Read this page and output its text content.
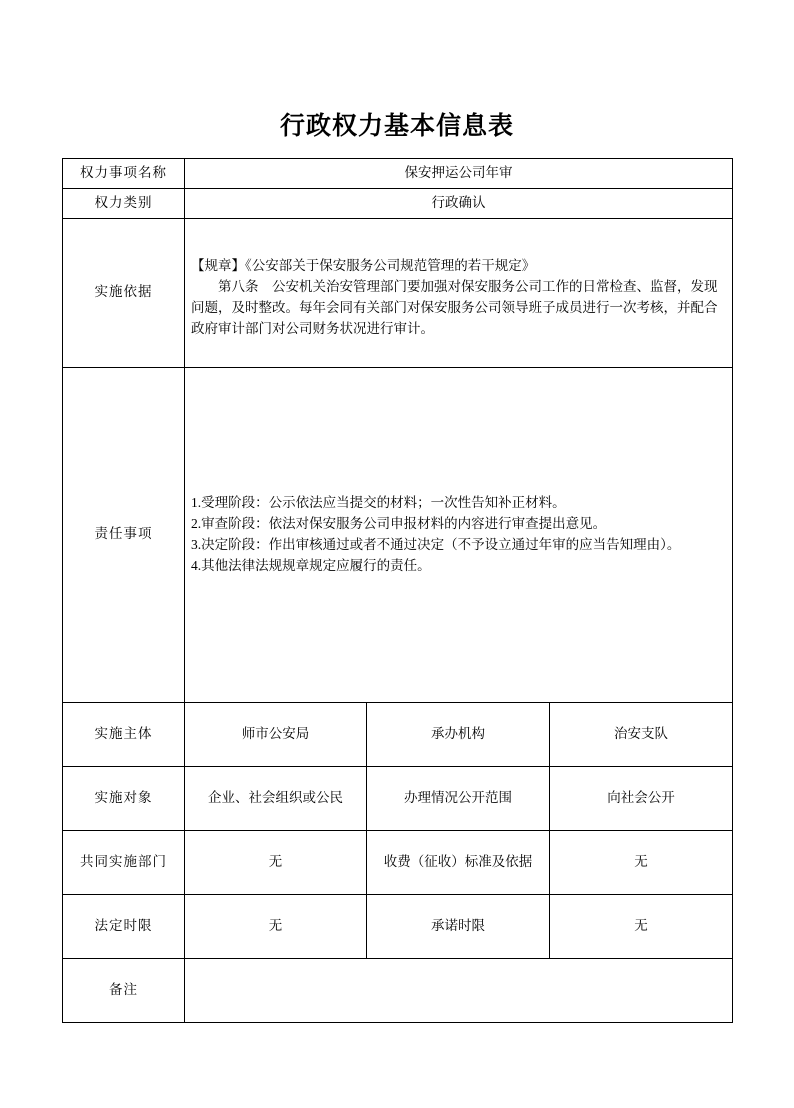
行政权力基本信息表
权力事项名称	保安押运公司年审		
权力类别	行政确认		
实施依据	【规章】《公安部关于保安服务公司规范管理的若干规定》

第八条　公安机关治安管理部门要加强对保安服务公司工作的日常检查、监督，发现问题，及时整改。每年会同有关部门对保安服务公司领导班子成员进行一次考核，并配合政府审计部门对公司财务状况进行审计。		

责任事项	1.受理阶段：公示依法应当提交的材料；一次性告知补正材料。

2.审查阶段：依法对保安服务公司申报材料的内容进行审查提出意见。

3.决定阶段：作出审核通过或者不通过决定（不予设立通过年审的应当告知理由）。

4.其他法律法规规章规定应履行的责任。		

实施主体	师市公安局	承办机构	治安支队
实施对象	企业、社会组织或公民	办理情况公开范围	向社会公开
共同实施部门	无	收费（征收）标准及依据	无
法定时限	无	承诺时限	无
备注			
